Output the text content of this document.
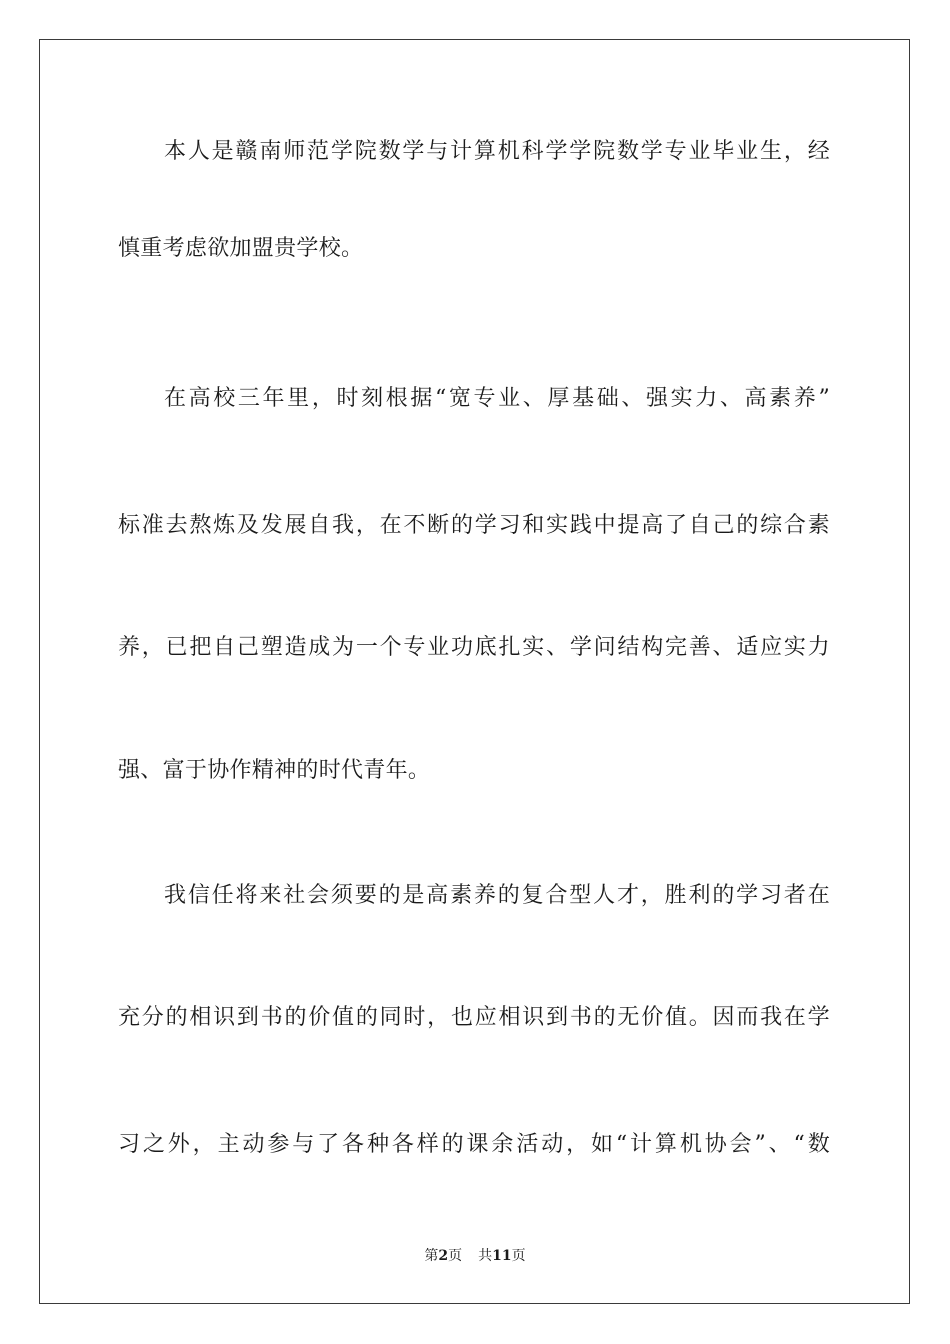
本人是赣南师范学院数学与计算机科学学院数学专业毕业生，经
慎重考虑欲加盟贵学校。
在高校三年里，时刻根据“宽专业、厚基础、强实力、高素养”
标准去熬炼及发展自我，在不断的学习和实践中提高了自己的综合素
养，已把自己塑造成为一个专业功底扎实、学问结构完善、适应实力
强、富于协作精神的时代青年。
我信任将来社会须要的是高素养的复合型人才，胜利的学习者在
充分的相识到书的价值的同时，也应相识到书的无价值。因而我在学
习之外，主动参与了各种各样的课余活动，如“计算机协会”、“数
第2页 共11页
